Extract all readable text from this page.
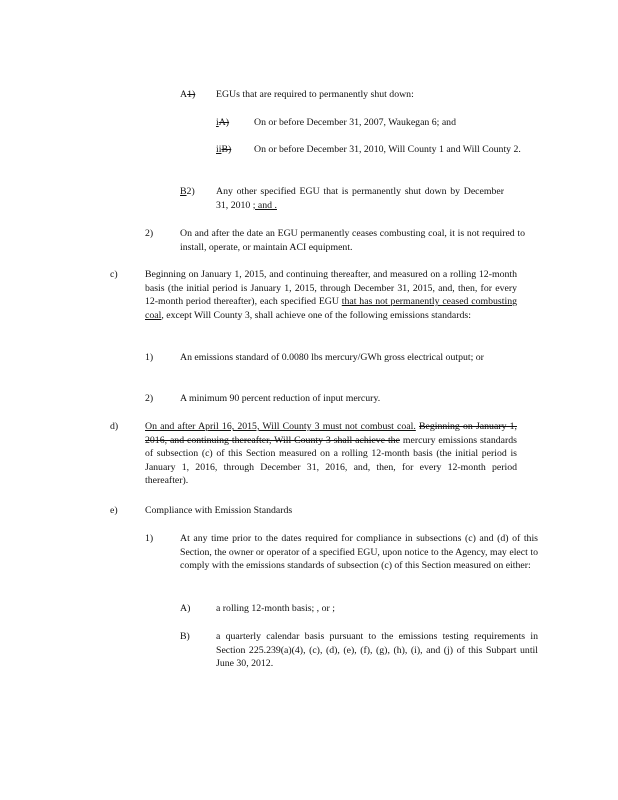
A1) EGUs that are required to permanently shut down:
iA)	On or before December 31, 2007, Waukegan 6; and
iiB) On or before December 31, 2010, Will County 1 and Will County 2.
B2) Any other specified EGU that is permanently shut down by December 31, 2010 ; and .
2)	On and after the date an EGU permanently ceases combusting coal, it is not required to install, operate, or maintain ACI equipment.
c)	Beginning on January 1, 2015, and continuing thereafter, and measured on a rolling 12-month basis (the initial period is January 1, 2015, through December 31, 2015, and, then, for every 12-month period thereafter), each specified EGU that has not permanently ceased combusting coal, except Will County 3, shall achieve one of the following emissions standards:
1)	An emissions standard of 0.0080 lbs mercury/GWh gross electrical output; or
2)	A minimum 90 percent reduction of input mercury.
d)	On and after April 16, 2015, Will County 3 must not combust coal. Beginning on January 1, 2016, and continuing thereafter, Will County 3 shall achieve the mercury emissions standards of subsection (c) of this Section measured on a rolling 12-month basis (the initial period is January 1, 2016, through December 31, 2016, and, then, for every 12-month period thereafter).
e)	Compliance with Emission Standards
1)	At any time prior to the dates required for compliance in subsections (c) and (d) of this Section, the owner or operator of a specified EGU, upon notice to the Agency, may elect to comply with the emissions standards of subsection (c) of this Section measured on either:
A)	a rolling 12-month basis; , or ;
B)	a quarterly calendar basis pursuant to the emissions testing requirements in Section 225.239(a)(4), (c), (d), (e), (f), (g), (h), (i), and (j) of this Subpart until June 30, 2012.
